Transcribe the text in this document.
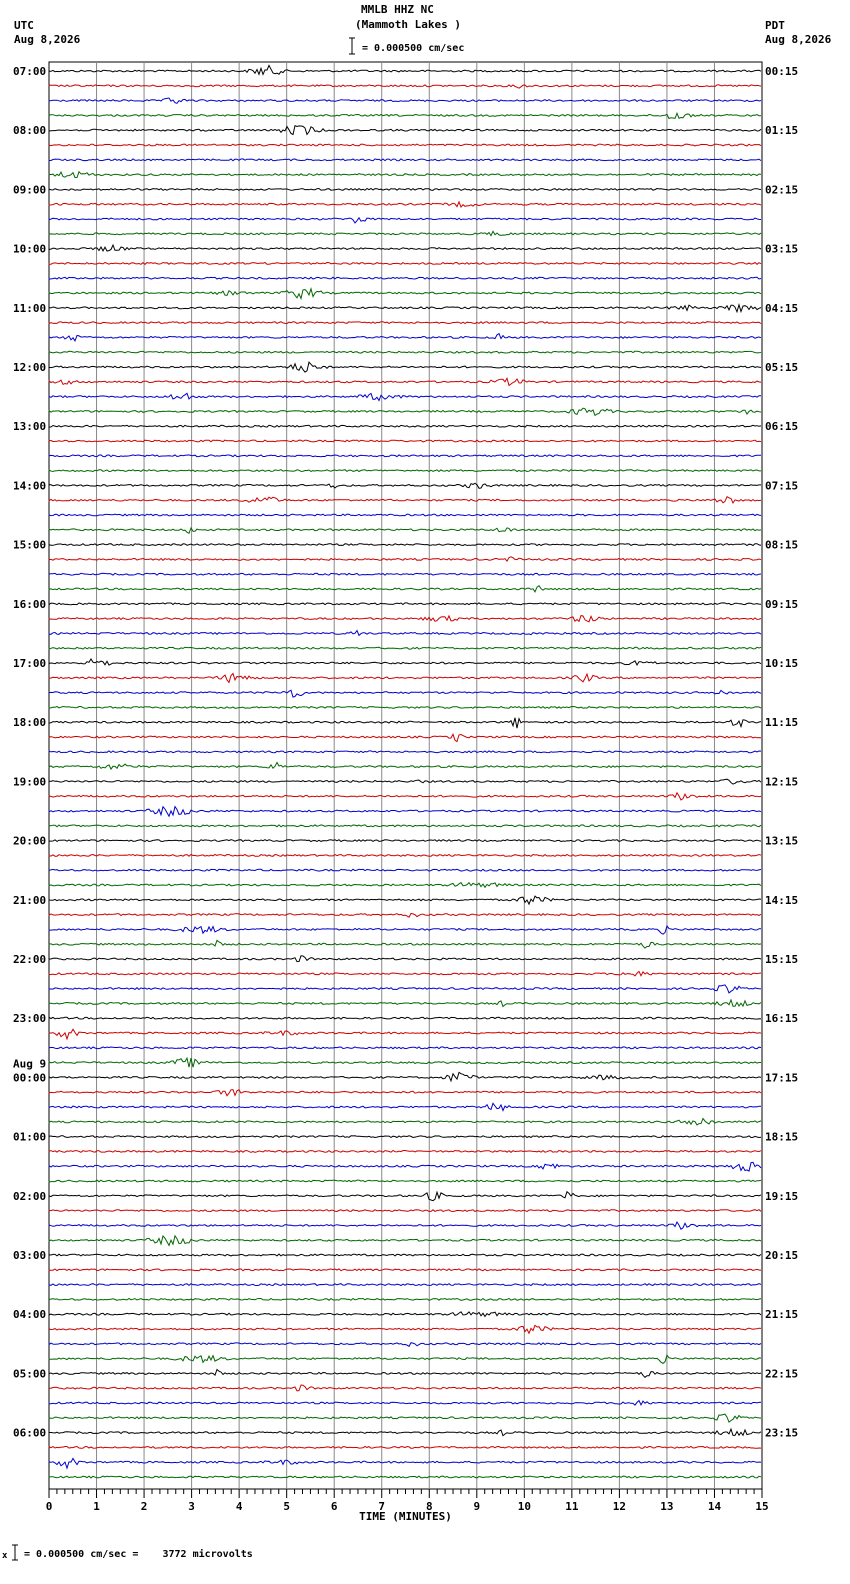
MMLB HHZ NC
(Mammoth Lakes )
UTC
Aug 8,2026
PDT
Aug 8,2026
= 0.000500 cm/sec
x = 0.000500 cm/sec =    3772 microvolts
0	1	2	3	4	5	6	7	8	9	10	11	12	13	14	15
TIME (MINUTES)
07:00
08:00
09:00
10:00
11:00
12:00
13:00
14:00
15:00
16:00
17:00
18:00
19:00
20:00
21:00
22:00
23:00
00:00
Aug 9
01:00
02:00
03:00
04:00
05:00
06:00
00:15
01:15
02:15
03:15
04:15
05:15
06:15
07:15
08:15
09:15
10:15
11:15
12:15
13:15
14:15
15:15
16:15
17:15
18:15
19:15
20:15
21:15
22:15
23:15
